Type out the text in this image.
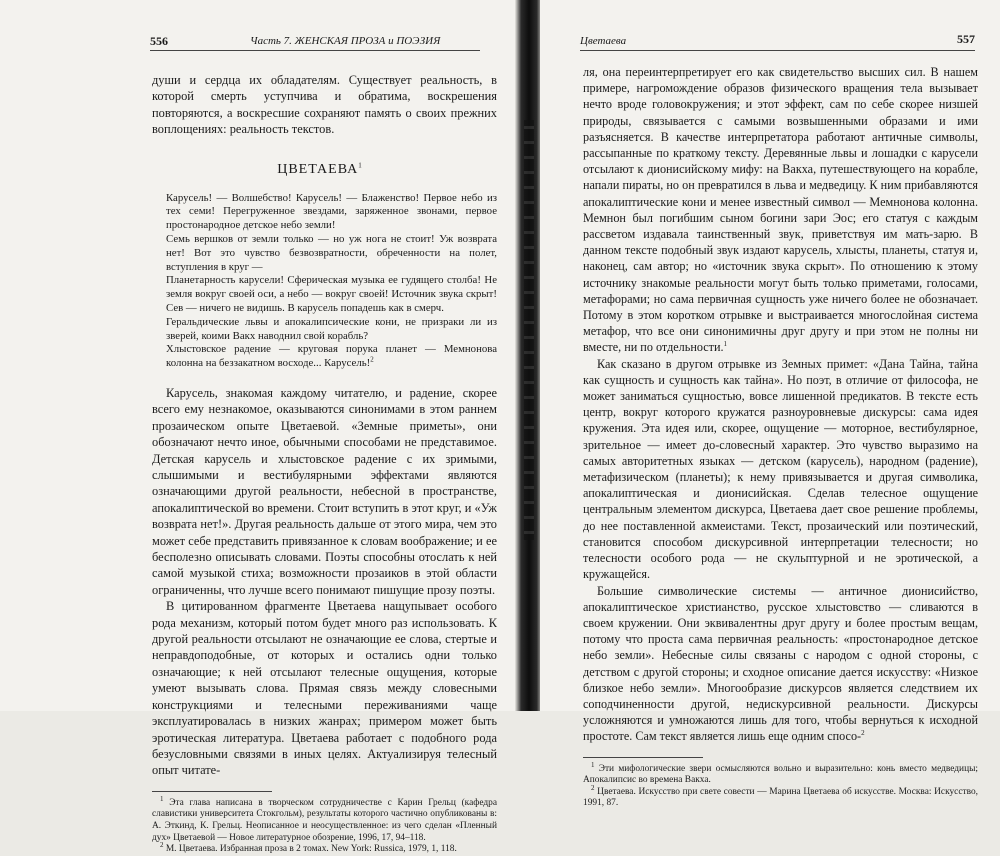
556	Часть 7. ЖЕНСКАЯ ПРОЗА и ПОЭЗИЯ

души и сердца их обладателям. Существует реальность, в которой смерть уступчива и обратима, воскрешения повторяются, а воскресшие сохраняют память о своих прежних воплощениях: реальность текстов.

ЦВЕТАЕВА$^1$

Карусель! — Волшебство! Карусель! — Блаженство! Первое небо из тех семи! Перегруженное звездами, заряженное звонами, первое простонародное детское небо земли!

Семь вершков от земли только — но уж нога не стоит! Уж возврата нет! Вот это чувство безвозвратности, обреченности на полет, вступления в круг —

Планетарность карусели! Сферическая музыка ее гудящего столба! Не земля вокруг своей оси, а небо — вокруг своей! Источник звука скрыт! Сев — ничего не видишь. В карусель попадешь как в смерч.

Геральдические львы и апокалипсические кони, не призраки ли из зверей, коими Вакх наводнил свой корабль?

Хлыстовское радение — круговая порука планет — Мемнонова колонна на беззакатном восходе... Карусель!$^2$

Карусель, знакомая каждому читателю, и радение, скорее всего ему незнакомое, оказываются синонимами в этом раннем прозаическом опыте Цветаевой. «Земные приметы», они обозначают нечто иное, обычными способами не представимое. Детская карусель и хлыстовское радение с их зримыми, слышимыми и вестибулярными эффектами являются означающими другой реальности, небесной в пространстве, апокалиптической во времени. Стоит вступить в этот круг, и «Уж возврата нет!». Другая реальность дальше от этого мира, чем это может себе представить привязанное к словам воображение; и ее бесполезно описывать словами. Поэты способны отослать к ней самой музыкой стиха; возможности прозаиков в этой области ограниченны, что лучше всего понимают пишущие прозу поэты.

В цитированном фрагменте Цветаева нащупывает особого рода механизм, который потом будет много раз использовать. К другой реальности отсылают не означающие ее слова, стертые и неправдоподобные, от которых и остались одни только означающие; к ней отсылают телесные ощущения, которые умеют вызывать слова. Прямая связь между словесными конструкциями и телесными переживаниями чаще эксплуатировалась в низких жанрах; примером может быть эротическая литература. Цветаева работает с подобного рода безусловными связями в иных целях. Актуализируя телесный опыт читате-

$^1$ Эта глава написана в творческом сотрудничестве с Карин Грельц (кафедра славистики университета Стокгольм), результаты которого частично опубликованы в: А. Эткинд, К. Грельц. Неописанное и неосуществленное: из чего сделан «Пленный дух» Цветаевой — Новое литературное обозрение, 1996, 17, 94–118.

$^2$ М. Цветаева. Избранная проза в 2 томах. New York: Russica, 1979, 1, 118.

Цветаева	557

ля, она переинтерпретирует его как свидетельство высших сил. В нашем примере, нагромождение образов физического вращения тела вызывает нечто вроде головокружения; и этот эффект, сам по себе скорее низшей природы, связывается с самыми возвышенными образами и ими разъясняется. В качестве интерпретатора работают античные символы, рассыпанные по краткому тексту. Деревянные львы и лошадки с карусели отсылают к дионисийскому мифу: на Вакха, путешествующего на корабле, напали пираты, но он превратился в льва и медведицу. К ним прибавляются апокалиптические кони и менее известный символ — Мемнонова колонна. Мемнон был погибшим сыном богини зари Эос; его статуя с каждым рассветом издавала таинственный звук, приветствуя им мать-зарю. В данном тексте подобный звук издают карусель, хлысты, планеты, статуя и, наконец, сам автор; но «источник звука скрыт». По отношению к этому источнику знакомые реальности могут быть только приметами, голосами, метафорами; но сама первичная сущность уже ничего более не обозначает. Потому в этом коротком отрывке и выстраивается многослойная система метафор, что все они синонимичны друг другу и при этом не полны ни вместе, ни по отдельности.$^1$

Как сказано в другом отрывке из Земных примет: «Дана Тайна, тайна как сущность и сущность как тайна». Но поэт, в отличие от философа, не может заниматься сущностью, вовсе лишенной предикатов. В тексте есть центр, вокруг которого кружатся разноуровневые дискурсы: сама идея кружения. Эта идея или, скорее, ощущение — моторное, вестибулярное, зрительное — имеет до-словесный характер. Это чувство выразимо на самых авторитетных языках — детском (карусель), народном (радение), метафизическом (планеты); к нему привязывается и другая символика, апокалиптическая и дионисийская. Сделав телесное ощущение центральным элементом дискурса, Цветаева дает свое решение проблемы, до нее поставленной акмеистами. Текст, прозаический или поэтический, становится способом дискурсивной интерпретации телесности; но телесности особого рода — не скульптурной и не эротической, а кружащейся.

Большие символические системы — античное дионисийство, апокалиптическое христианство, русское хлыстовство — сливаются в своем кружении. Они эквивалентны друг другу и более простым вещам, потому что проста сама первичная реальность: «простонародное детское небо земли». Небесные силы связаны с народом с одной стороны, с детством с другой стороны; и сходное описание дается искусству: «Низкое близкое небо земли». Многообразие дискурсов является следствием их соподчиненности другой, недискурсивной реальности. Дискурсы усложняются и умножаются лишь для того, чтобы вернуться к исходной простоте. Сам текст является лишь еще одним спосо-$^2$

$^1$ Эти мифологические звери осмысляются вольно и выразительно: конь вместо медведицы; Апокалипсис во времена Вакха.

$^2$ Цветаева. Искусство при свете совести — Марина Цветаева об искусстве. Москва: Искусство, 1991, 87.
